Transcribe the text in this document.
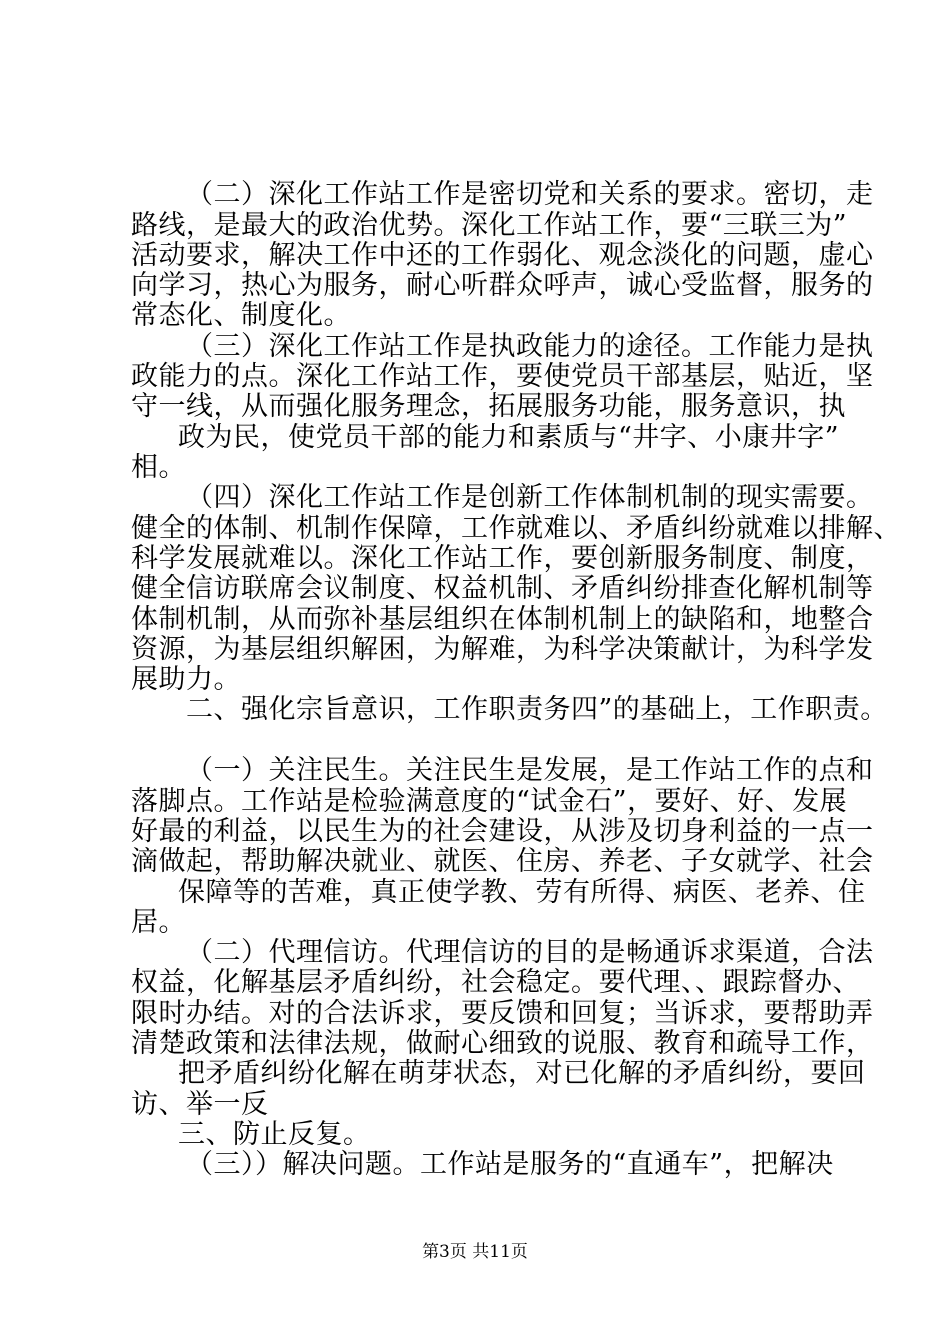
（二）深化工作站工作是密切党和关系的要求。密切，走
路线，是最大的政治优势。深化工作站工作，要“三联三为”
活动要求，解决工作中还的工作弱化、观念淡化的问题，虚心
向学习，热心为服务，耐心听群众呼声，诚心受监督，服务的
常态化、制度化。
（三）深化工作站工作是执政能力的途径。工作能力是执
政能力的点。深化工作站工作，要使党员干部基层，贴近，坚
守一线，从而强化服务理念，拓展服务功能，服务意识，执
政为民，使党员干部的能力和素质与“井字、小康井字”
相。
（四）深化工作站工作是创新工作体制机制的现实需要。
健全的体制、机制作保障，工作就难以、矛盾纠纷就难以排解、
科学发展就难以。深化工作站工作，要创新服务制度、制度，
健全信访联席会议制度、权益机制、矛盾纠纷排查化解机制等
体制机制，从而弥补基层组织在体制机制上的缺陷和，地整合
资源，为基层组织解困，为解难，为科学决策献计，为科学发
展助力。
二、强化宗旨意识，工作职责务四”的基础上，工作职责。
（一）关注民生。关注民生是发展，是工作站工作的点和
落脚点。工作站是检验满意度的“试金石”，要好、好、发展
好最的利益，以民生为的社会建设，从涉及切身利益的一点一
滴做起，帮助解决就业、就医、住房、养老、子女就学、社会
保障等的苦难，真正使学教、劳有所得、病医、老养、住
居。
（二）代理信访。代理信访的目的是畅通诉求渠道，合法
权益，化解基层矛盾纠纷，社会稳定。要代理、、跟踪督办、
限时办结。对的合法诉求，要反馈和回复；当诉求，要帮助弄
清楚政策和法律法规，做耐心细致的说服、教育和疏导工作，
把矛盾纠纷化解在萌芽状态，对已化解的矛盾纠纷，要回
访、举一反
三、防止反复。
（三））解决问题。工作站是服务的“直通车”，把解决
第3页 共11页
